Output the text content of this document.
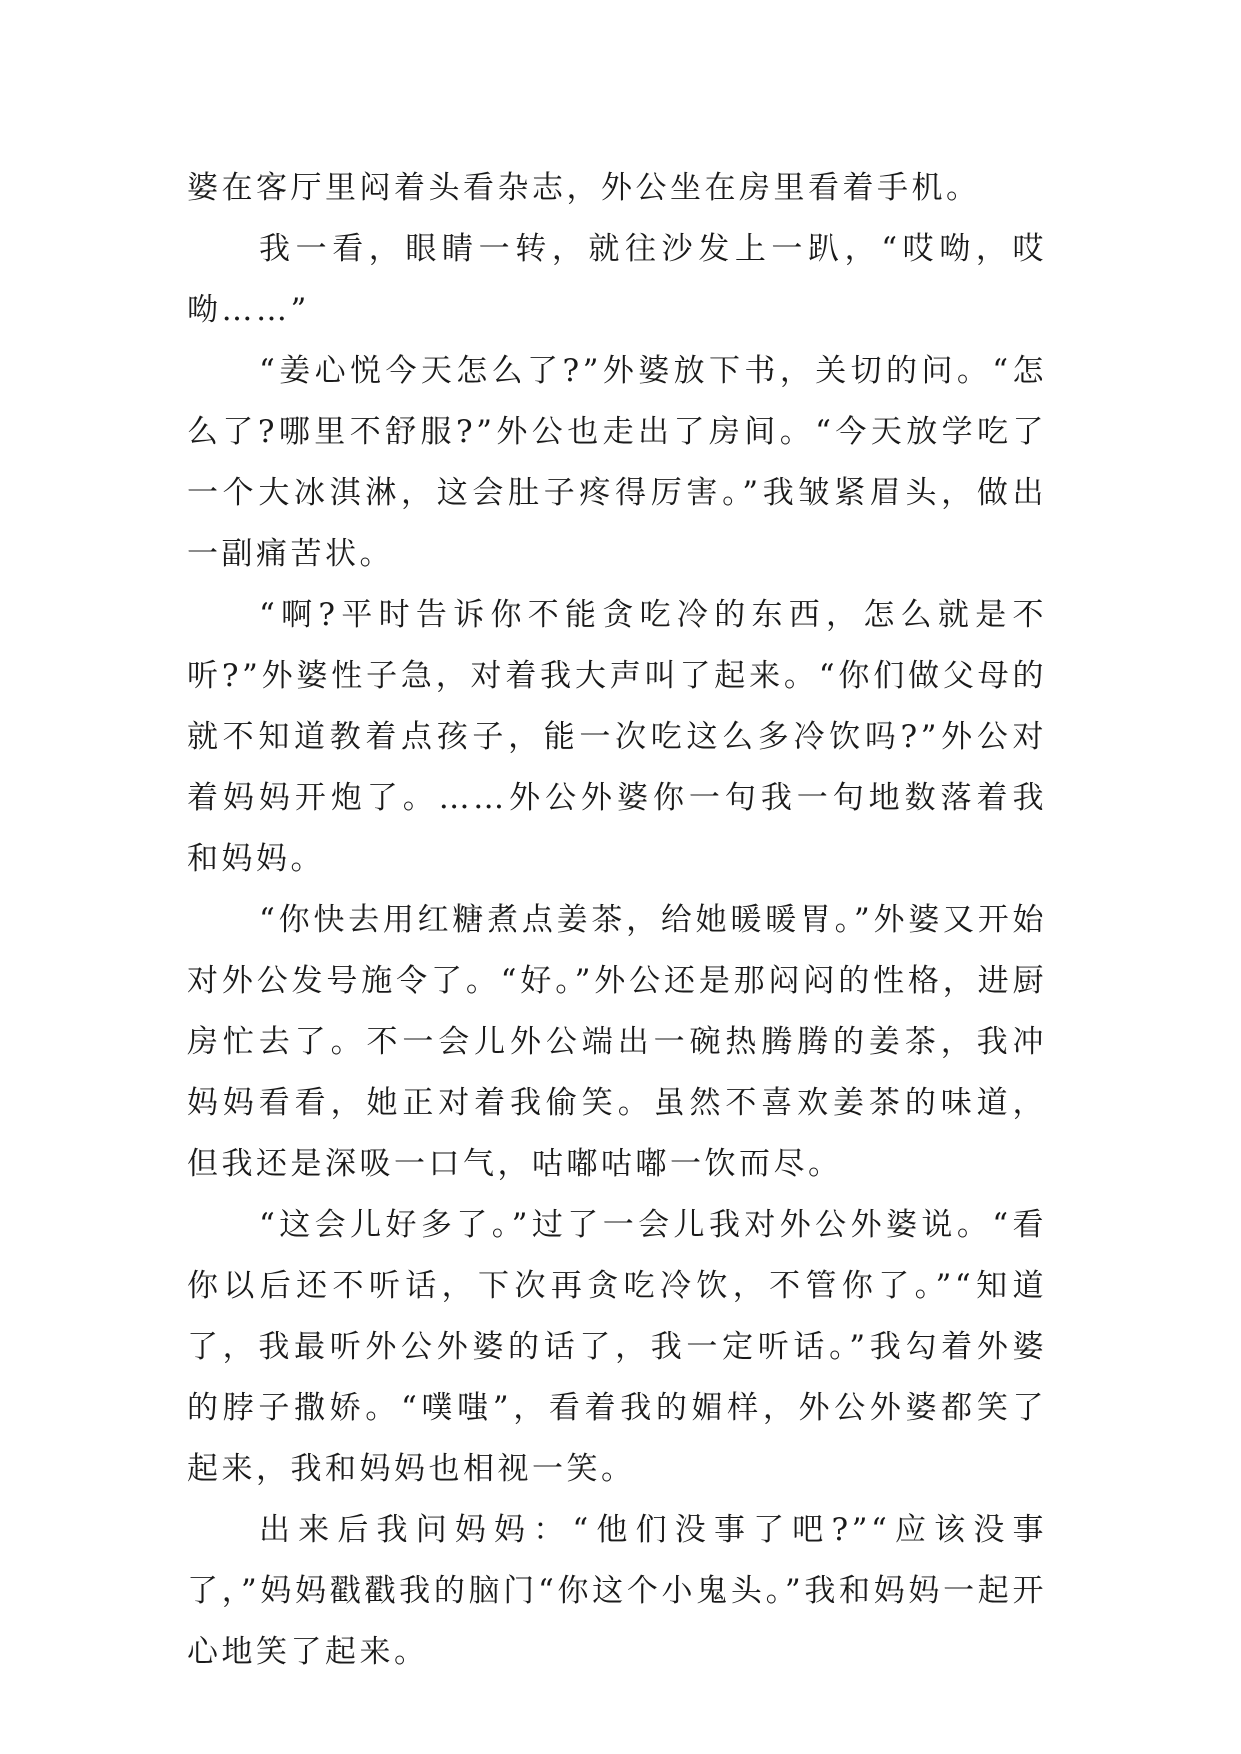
婆在客厅里闷着头看杂志，外公坐在房里看着手机。

我一看，眼睛一转，就往沙发上一趴，“哎呦，哎呦……”

“姜心悦今天怎么了?”外婆放下书，关切的问。“怎么了?哪里不舒服?”外公也走出了房间。“今天放学吃了一个大冰淇淋，这会肚子疼得厉害。”我皱紧眉头，做出一副痛苦状。

“啊?平时告诉你不能贪吃冷的东西，怎么就是不听?”外婆性子急，对着我大声叫了起来。“你们做父母的就不知道教着点孩子，能一次吃这么多冷饮吗?”外公对着妈妈开炮了。……外公外婆你一句我一句地数落着我和妈妈。

“你快去用红糖煮点姜茶，给她暖暖胃。”外婆又开始对外公发号施令了。“好。”外公还是那闷闷的性格，进厨房忙去了。不一会儿外公端出一碗热腾腾的姜茶，我冲妈妈看看，她正对着我偷笑。虽然不喜欢姜茶的味道，但我还是深吸一口气，咕嘟咕嘟一饮而尽。

“这会儿好多了。”过了一会儿我对外公外婆说。“看你以后还不听话，下次再贪吃冷饮，不管你了。”“知道了，我最听外公外婆的话了，我一定听话。”我勾着外婆的脖子撒娇。“噗嗤”，看着我的媚样，外公外婆都笑了起来，我和妈妈也相视一笑。

出来后我问妈妈：“他们没事了吧?”“应该没事了，”妈妈戳戳我的脑门“你这个小鬼头。”我和妈妈一起开心地笑了起来。
